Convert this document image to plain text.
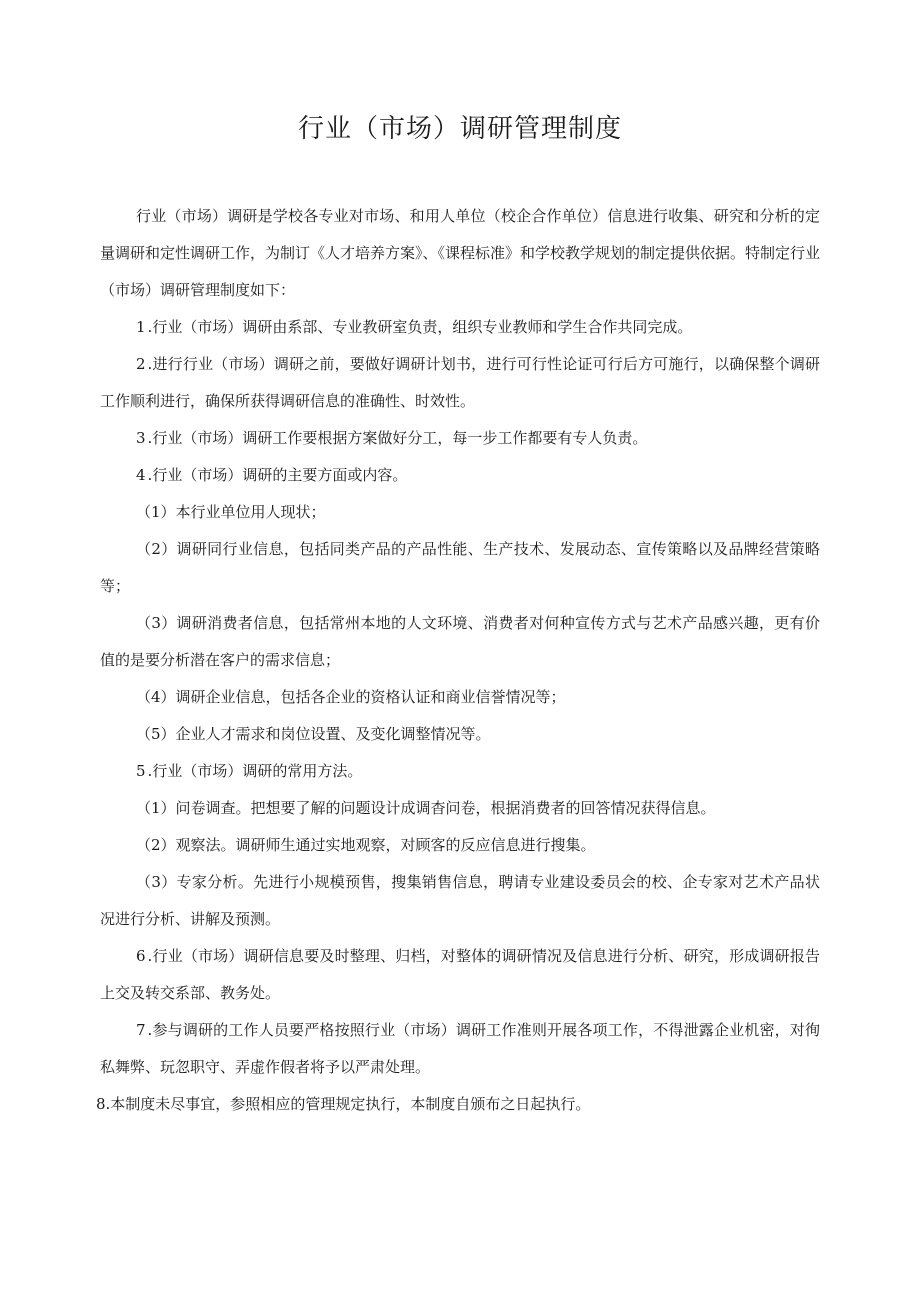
行业（市场）调研管理制度

行业（市场）调研是学校各专业对市场、和用人单位（校企合作单位）信息进行收集、研究和分析的定量调研和定性调研工作，为制订《人才培养方案》、《课程标准》和学校教学规划的制定提供依据。特制定行业（市场）调研管理制度如下：

1 .行业（市场）调研由系部、专业教研室负责，组织专业教师和学生合作共同完成。

2 .进行行业（市场）调研之前，要做好调研计划书，进行可行性论证可行后方可施行，以确保整个调研工作顺利进行，确保所获得调研信息的准确性、时效性。

3 .行业（市场）调研工作要根据方案做好分工，每一步工作都要有专人负责。

4 .行业（市场）调研的主要方面或内容。

（1）本行业单位用人现状；

（2）调研同行业信息，包括同类产品的产品性能、生产技术、发展动态、宣传策略以及品牌经营策略等；

（3）调研消费者信息，包括常州本地的人文环境、消费者对何种宣传方式与艺术产品感兴趣，更有价值的是要分析潜在客户的需求信息；

（4）调研企业信息，包括各企业的资格认证和商业信誉情况等；

（5）企业人才需求和岗位设置、及变化调整情况等。

5 .行业（市场）调研的常用方法。

（1）问卷调查。把想要了解的问题设计成调杳问卷，根据消费者的回答情况获得信息。

（2）观察法。调研师生通过实地观察，对顾客的反应信息进行搜集。

（3）专家分析。先进行小规模预售，搜集销售信息，聘请专业建设委员会的校、企专家对艺术产品状况进行分析、讲解及预测。

6 .行业（市场）调研信息要及时整理、归档，对整体的调研情况及信息进行分析、研究，形成调研报告上交及转交系部、教务处。

7 .参与调研的工作人员要严格按照行业（市场）调研工作准则开展各项工作，不得泄露企业机密，对徇私舞弊、玩忽职守、弄虚作假者将予以严肃处理。

8.本制度未尽事宜，参照相应的管理规定执行，本制度自颁布之日起执行。
